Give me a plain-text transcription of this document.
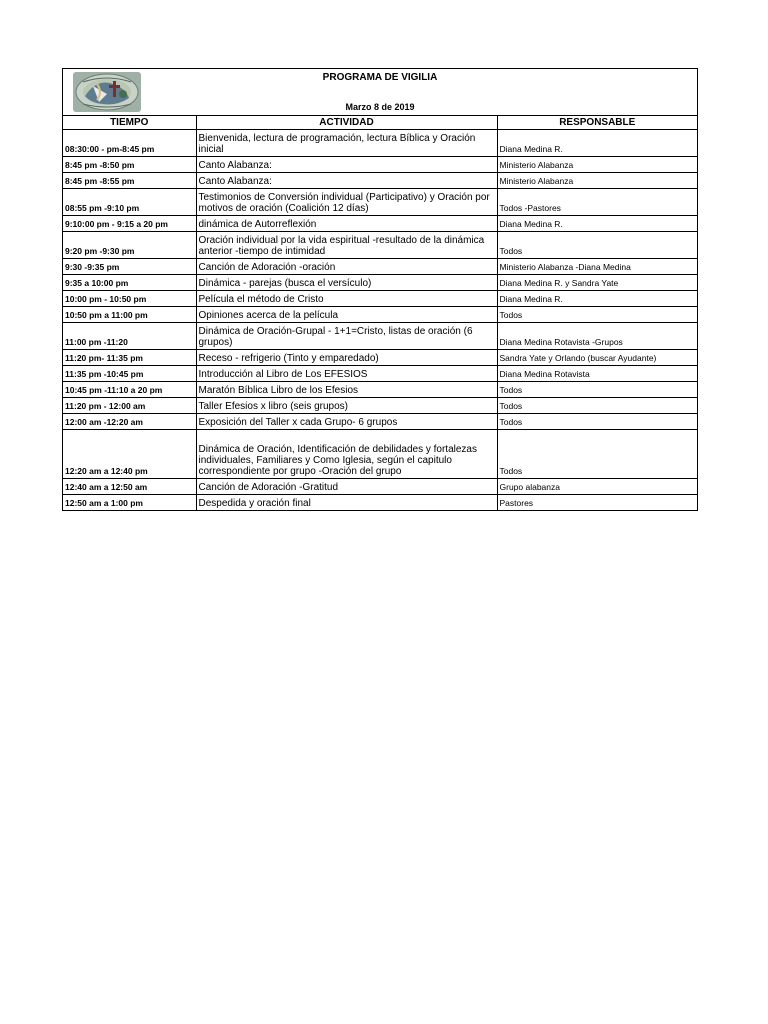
PROGRAMA DE VIGILIA
Marzo 8 de 2019
TIEMPO	ACTIVIDAD	RESPONSABLE
08:30:00 - pm-8:45 pm	Bienvenida, lectura de programación, lectura Bíblica y Oración inicial	Diana Medina R.
8:45 pm -8:50 pm	Canto Alabanza:	Ministerio Alabanza
8:45 pm -8:55 pm	Canto Alabanza:	Ministerio Alabanza
08:55 pm -9:10 pm	Testimonios de Conversión individual (Participativo) y Oración por motivos de oración (Coalición 12 días)	Todos -Pastores
9:10:00 pm - 9:15 a 20 pm	dinámica de Autorreflexión	Diana Medina R.
9:20 pm -9:30 pm	Oración individual por la vida espiritual -resultado de la dinámica anterior -tiempo de intimidad	Todos
9:30 -9:35 pm	Canción de Adoración -oración	Ministerio Alabanza -Diana Medina
9:35 a 10:00 pm	Dinámica - parejas (busca el versículo)	Diana Medina R. y Sandra Yate
10:00 pm - 10:50 pm	Película el método de Cristo	Diana Medina R.
10:50 pm a 11:00 pm	Opiniones acerca de la película	Todos
11:00 pm -11:20	Dinámica de Oración-Grupal - 1+1=Cristo, listas de oración (6 grupos)	Diana Medina Rotavista -Grupos
11:20 pm- 11:35 pm	Receso - refrigerio (Tinto y emparedado)	Sandra Yate y Orlando (buscar Ayudante)
11:35 pm -10:45 pm	Introducción al Libro de Los EFESIOS	Diana Medina Rotavista
10:45 pm -11:10 a 20 pm	Maratón Bíblica Libro de los Efesios	Todos
11:20 pm - 12:00 am	Taller Efesios x libro (seis grupos)	Todos
12:00 am -12:20 am	Exposición del Taller x cada Grupo- 6 grupos	Todos
12:20 am a 12:40 pm	Dinámica de Oración, Identificación de debilidades y fortalezas individuales, Familiares y Como Iglesia, según el capitulo correspondiente por grupo -Oración del grupo	Todos
12:40 am a 12:50 am	Canción de Adoración -Gratitud	Grupo alabanza
12:50 am a 1:00 pm	Despedida y oración final	Pastores
